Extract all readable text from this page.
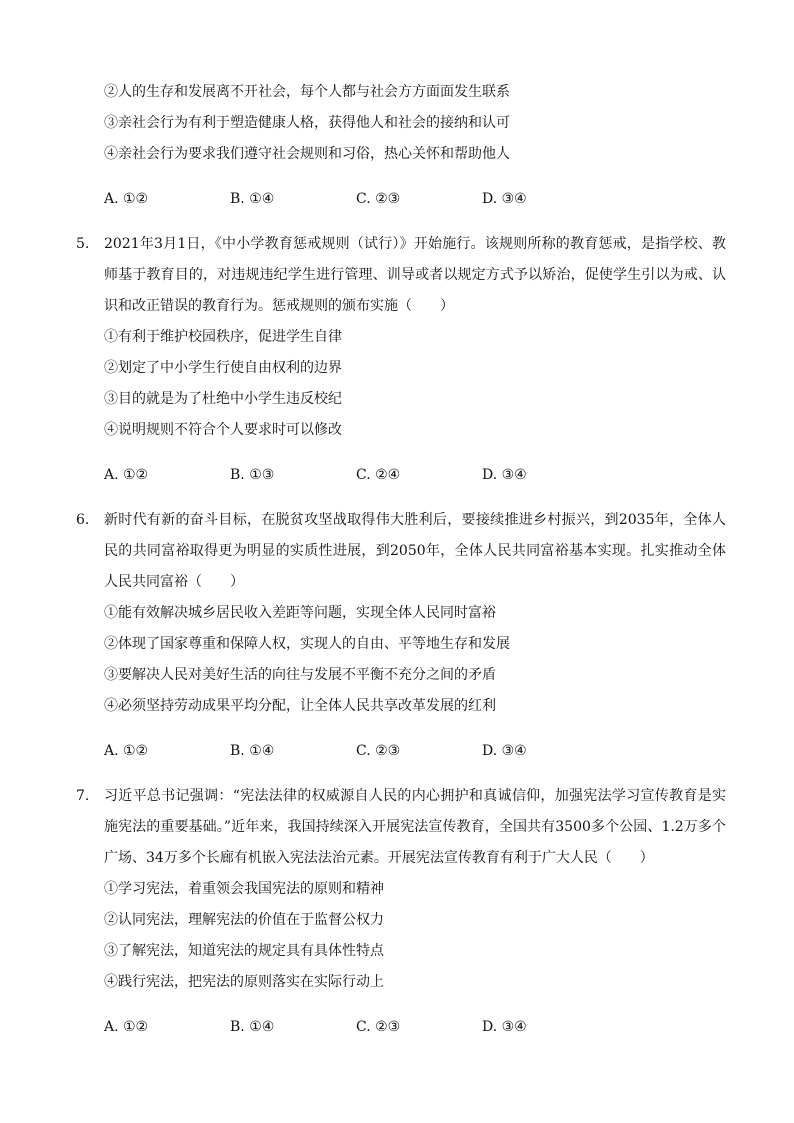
②人的生存和发展离不开社会，每个人都与社会方方面面发生联系
③亲社会行为有利于塑造健康人格，获得他人和社会的接纳和认可
④亲社会行为要求我们遵守社会规则和习俗，热心关怀和帮助他人
A. ①②	B. ①④	C. ②③	D. ③④
5. 2021年3月1日，《中小学教育惩戒规则（试行）》开始施行。该规则所称的教育惩戒，是指学校、教师基于教育目的，对违规违纪学生进行管理、训导或者以规定方式予以矫治，促使学生引以为戒、认识和改正错误的教育行为。惩戒规则的颁布实施（　　）
①有利于维护校园秩序，促进学生自律
②划定了中小学生行使自由权利的边界
③目的就是为了杜绝中小学生违反校纪
④说明规则不符合个人要求时可以修改
A. ①②	B. ①③	C. ②④	D. ③④
6. 新时代有新的奋斗目标，在脱贫攻坚战取得伟大胜利后，要接续推进乡村振兴，到2035年，全体人民的共同富裕取得更为明显的实质性进展，到2050年，全体人民共同富裕基本实现。扎实推动全体人民共同富裕（　　）
①能有效解决城乡居民收入差距等问题，实现全体人民同时富裕
②体现了国家尊重和保障人权，实现人的自由、平等地生存和发展
③要解决人民对美好生活的向往与发展不平衡不充分之间的矛盾
④必须坚持劳动成果平均分配，让全体人民共享改革发展的红利
A. ①②	B. ①④	C. ②③	D. ③④
7. 习近平总书记强调：“宪法法律的权威源自人民的内心拥护和真诚信仰，加强宪法学习宣传教育是实施宪法的重要基础。”近年来，我国持续深入开展宪法宣传教育，全国共有3500多个公园、1.2万多个广场、34万多个长廊有机嵌入宪法法治元素。开展宪法宣传教育有利于广大人民（　　）
①学习宪法，着重领会我国宪法的原则和精神
②认同宪法，理解宪法的价值在于监督公权力
③了解宪法，知道宪法的规定具有具体性特点
④践行宪法，把宪法的原则落实在实际行动上
A. ①②	B. ①④	C. ②③	D. ③④
